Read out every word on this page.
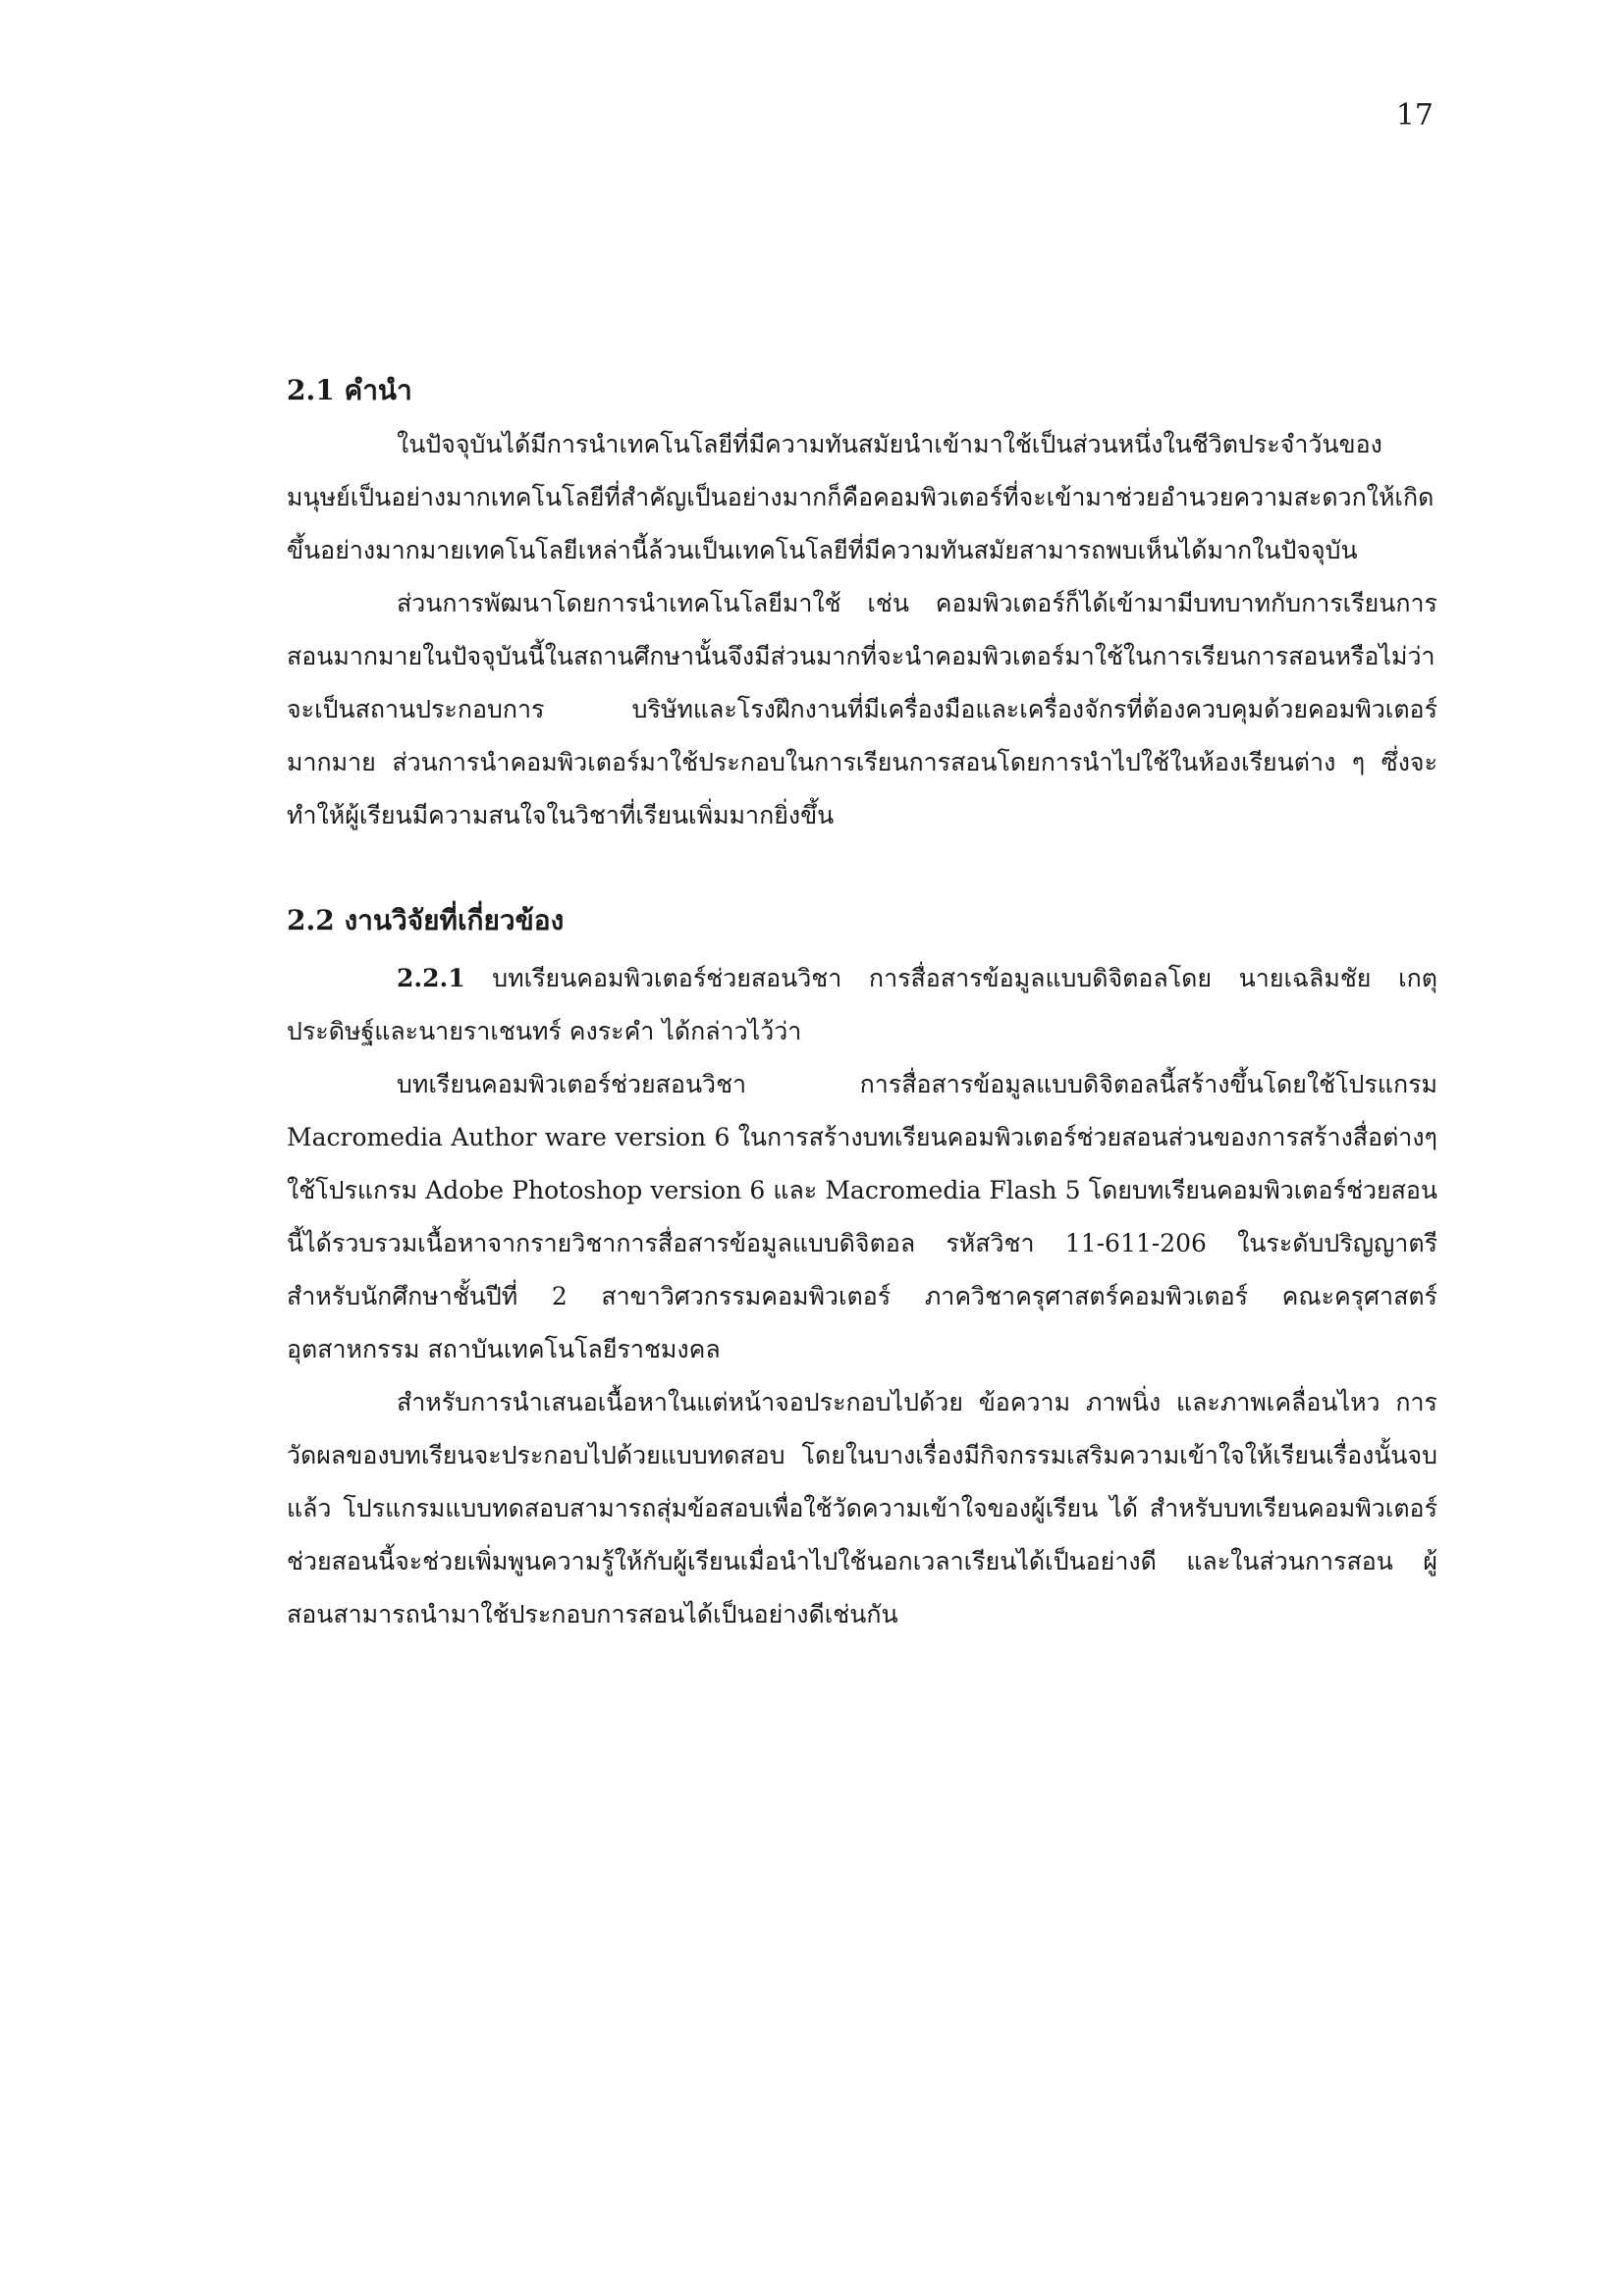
17
2.1 คำนำ

ในปัจจุบันได้มีการนำเทคโนโลยีที่มีความทันสมัยนำเข้ามาใช้เป็นส่วนหนึ่งในชีวิตประจำวันของมนุษย์เป็นอย่างมากเทคโนโลยีที่สำคัญเป็นอย่างมากก็คือคอมพิวเตอร์ที่จะเข้ามาช่วยอำนวยความสะดวกให้เกิดขึ้นอย่างมากมายเทคโนโลยีเหล่านี้ล้วนเป็นเทคโนโลยีที่มีความทันสมัยสามารถพบเห็นได้มากในปัจจุบัน

ส่วนการพัฒนาโดยการนำเทคโนโลยีมาใช้ เช่น คอมพิวเตอร์ก็ได้เข้ามามีบทบาทกับการเรียนการสอนมากมายในปัจจุบันนี้ในสถานศึกษานั้นจึงมีส่วนมากที่จะนำคอมพิวเตอร์มาใช้ในการเรียนการสอนหรือไม่ว่าจะเป็นสถานประกอบการ บริษัทและโรงฝึกงานที่มีเครื่องมือและเครื่องจักรที่ต้องควบคุมด้วยคอมพิวเตอร์มากมาย ส่วนการนำคอมพิวเตอร์มาใช้ประกอบในการเรียนการสอนโดยการนำไปใช้ในห้องเรียนต่าง ๆ ซึ่งจะทำให้ผู้เรียนมีความสนใจในวิชาที่เรียนเพิ่มมากยิ่งขึ้น

2.2 งานวิจัยที่เกี่ยวข้อง

2.2.1 บทเรียนคอมพิวเตอร์ช่วยสอนวิชา การสื่อสารข้อมูลแบบดิจิตอลโดย นายเฉลิมชัย เกตุประดิษฐ์และนายราเชนทร์ คงระคำ ได้กล่าวไว้ว่า

บทเรียนคอมพิวเตอร์ช่วยสอนวิชา การสื่อสารข้อมูลแบบดิจิตอลนี้สร้างขึ้นโดยใช้โปรแกรม Macromedia Author ware version 6 ในการสร้างบทเรียนคอมพิวเตอร์ช่วยสอนส่วนของการสร้างสื่อต่างๆ ใช้โปรแกรม Adobe Photoshop version 6 และ Macromedia Flash 5 โดยบทเรียนคอมพิวเตอร์ช่วยสอนนี้ได้รวบรวมเนื้อหาจากรายวิชาการสื่อสารข้อมูลแบบดิจิตอล รหัสวิชา 11-611-206 ในระดับปริญญาตรี สำหรับนักศึกษาชั้นปีที่ 2 สาขาวิศวกรรมคอมพิวเตอร์ ภาควิชาครุศาสตร์คอมพิวเตอร์ คณะครุศาสตร์อุตสาหกรรม สถาบันเทคโนโลยีราชมงคล

สำหรับการนำเสนอเนื้อหาในแต่หน้าจอประกอบไปด้วย ข้อความ ภาพนิ่ง และภาพเคลื่อนไหว การวัดผลของบทเรียนจะประกอบไปด้วยแบบทดสอบ โดยในบางเรื่องมีกิจกรรมเสริมความเข้าใจให้เรียนเรื่องนั้นจบแล้ว โปรแกรมแบบทดสอบสามารถสุ่มข้อสอบเพื่อใช้วัดความเข้าใจของผู้เรียน ได้ สำหรับบทเรียนคอมพิวเตอร์ช่วยสอนนี้จะช่วยเพิ่มพูนความรู้ให้กับผู้เรียนเมื่อนำไปใช้นอกเวลาเรียนได้เป็นอย่างดี และในส่วนการสอน ผู้สอนสามารถนำมาใช้ประกอบการสอนได้เป็นอย่างดีเช่นกัน
